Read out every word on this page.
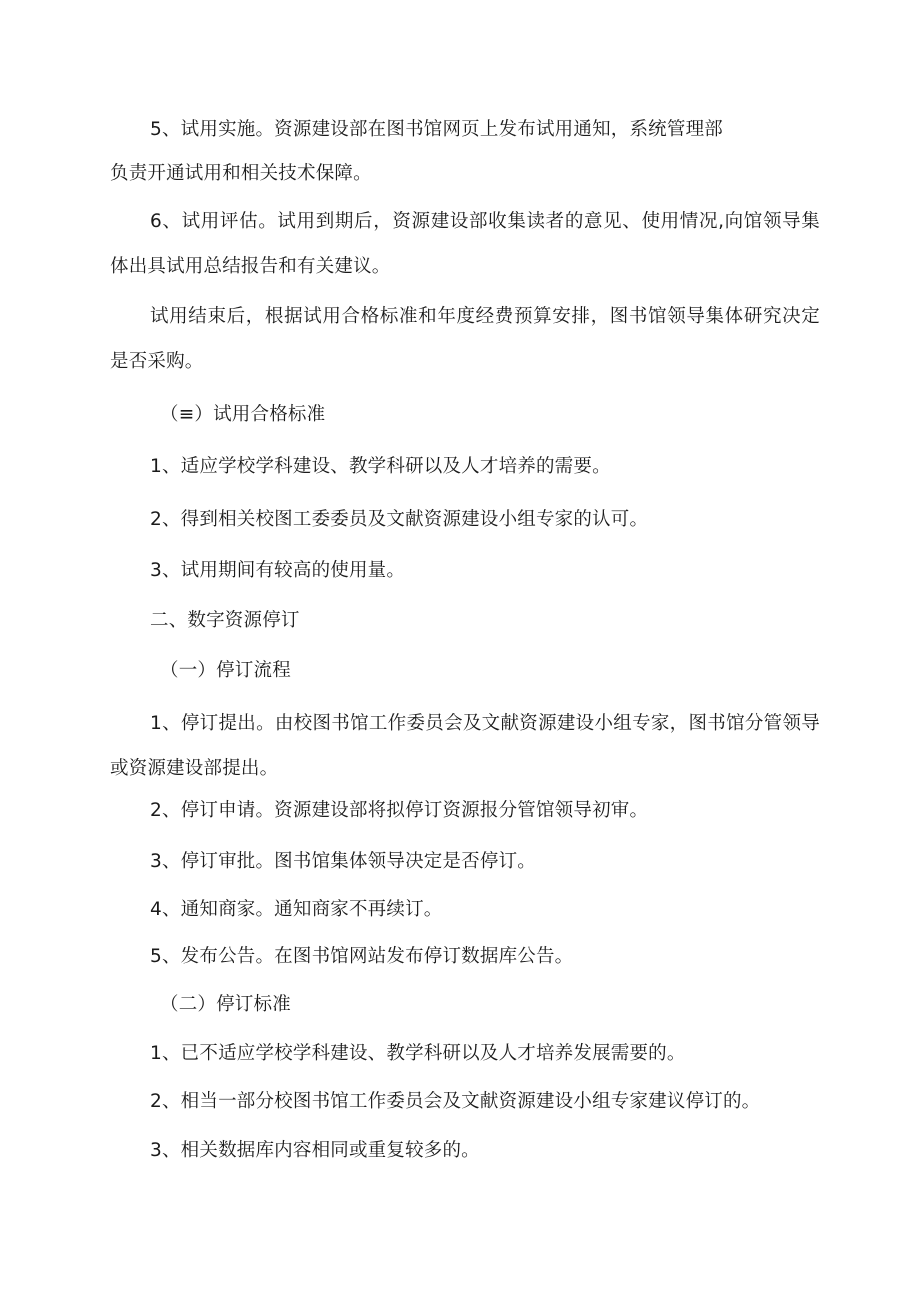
5、试用实施。资源建设部在图书馆网页上发布试用通知，系统管理部
负责开通试用和相关技术保障。
6、试用评估。试用到期后，资源建设部收集读者的意见、使用情况,向馆领导集体出具试用总结报告和有关建议。
试用结束后，根据试用合格标准和年度经费预算安排，图书馆领导集体研究决定是否采购。
（≡）试用合格标准
1、适应学校学科建设、教学科研以及人才培养的需要。
2、得到相关校图工委委员及文献资源建设小组专家的认可。
3、试用期间有较高的使用量。
二、数字资源停订
（一）停订流程
1、停订提出。由校图书馆工作委员会及文献资源建设小组专家，图书馆分管领导或资源建设部提出。
2、停订申请。资源建设部将拟停订资源报分管馆领导初审。
3、停订审批。图书馆集体领导决定是否停订。
4、通知商家。通知商家不再续订。
5、发布公告。在图书馆网站发布停订数据库公告。
（二）停订标准
1、已不适应学校学科建设、教学科研以及人才培养发展需要的。
2、相当一部分校图书馆工作委员会及文献资源建设小组专家建议停订的。
3、相关数据库内容相同或重复较多的。
